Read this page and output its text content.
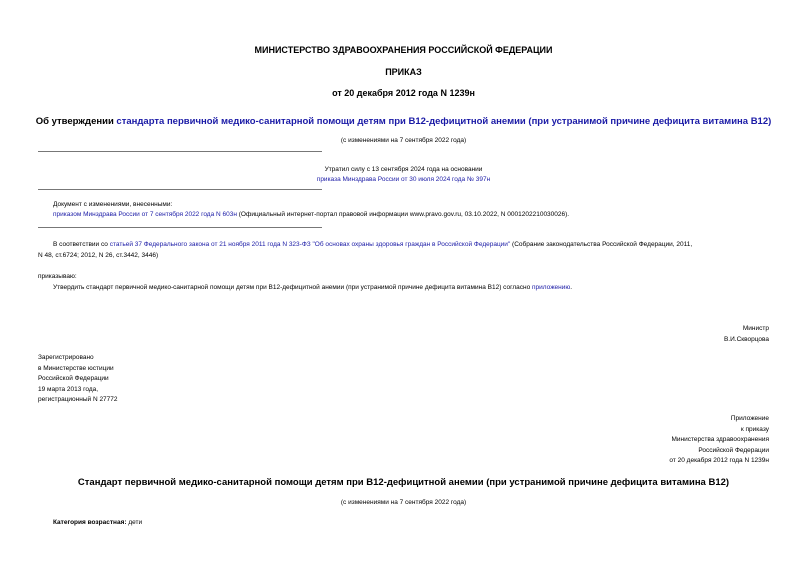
МИНИСТЕРСТВО ЗДРАВООХРАНЕНИЯ РОССИЙСКОЙ ФЕДЕРАЦИИ
ПРИКАЗ
от 20 декабря 2012 года N 1239н
Об утверждении стандарта первичной медико-санитарной помощи детям при В12-дефицитной анемии (при устранимой причине дефицита витамина В12)
(с изменениями на 7 сентября 2022 года)
Утратил силу с 13 сентября 2024 года на основании
приказа Минздрава России от 30 июля 2024 года № 397н
Документ с изменениями, внесенными:
приказом Минздрава России от 7 сентября 2022 года N 603н (Официальный интернет-портал правовой информации www.pravo.gov.ru, 03.10.2022, N 0001202210030026).
В соответствии со статьей 37 Федерального закона от 21 ноября 2011 года N 323-ФЗ "Об основах охраны здоровья граждан в Российской Федерации" (Собрание законодательства Российской Федерации, 2011,
N 48, ст.6724; 2012, N 26, ст.3442, 3446)
приказываю:
Утвердить стандарт первичной медико-санитарной помощи детям при В12-дефицитной анемии (при устранимой причине дефицита витамина В12) согласно приложению.
Министр
В.И.Скворцова
Зарегистрировано
в Министерстве юстиции
Российской Федерации
19 марта 2013 года,
регистрационный N 27772
Приложение
к приказу
Министерства здравоохранения
Российской Федерации
от 20 декабря 2012 года N 1239н
Стандарт первичной медико-санитарной помощи детям при В12-дефицитной анемии (при устранимой причине дефицита витамина В12)
(с изменениями на 7 сентября 2022 года)
Категория возрастная: дети
